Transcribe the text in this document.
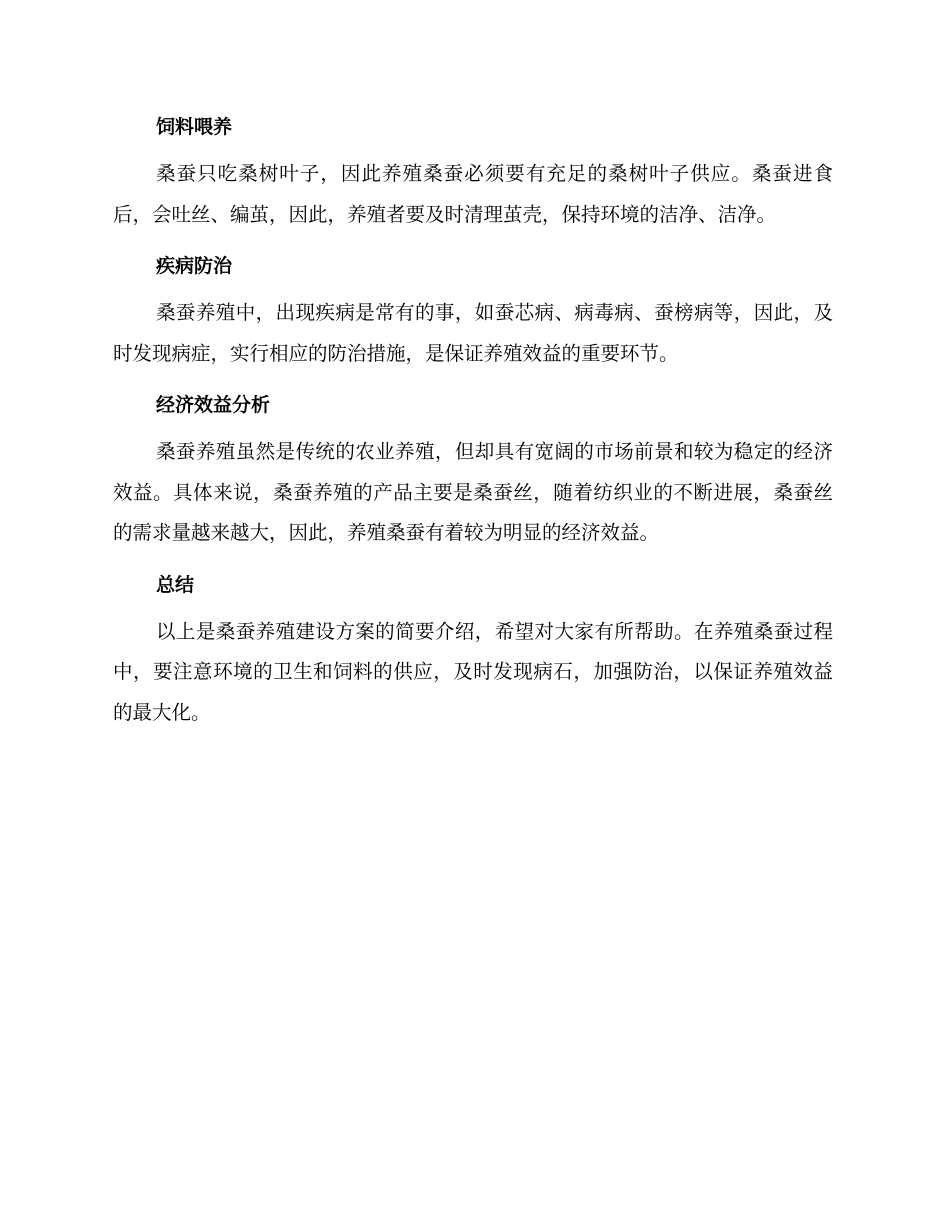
饲料喂养

桑蚕只吃桑树叶子，因此养殖桑蚕必须要有充足的桑树叶子供应。桑蚕进食后，会吐丝、编茧，因此，养殖者要及时清理茧壳，保持环境的洁净、洁净。

疾病防治

桑蚕养殖中，出现疾病是常有的事，如蚕芯病、病毒病、蚕榜病等，因此，及时发现病症，实行相应的防治措施，是保证养殖效益的重要环节。

经济效益分析

桑蚕养殖虽然是传统的农业养殖，但却具有宽阔的市场前景和较为稳定的经济效益。具体来说，桑蚕养殖的产品主要是桑蚕丝，随着纺织业的不断进展，桑蚕丝的需求量越来越大，因此，养殖桑蚕有着较为明显的经济效益。

总结

以上是桑蚕养殖建设方案的简要介绍，希望对大家有所帮助。在养殖桑蚕过程中，要注意环境的卫生和饲料的供应，及时发现病石，加强防治，以保证养殖效益的最大化。
